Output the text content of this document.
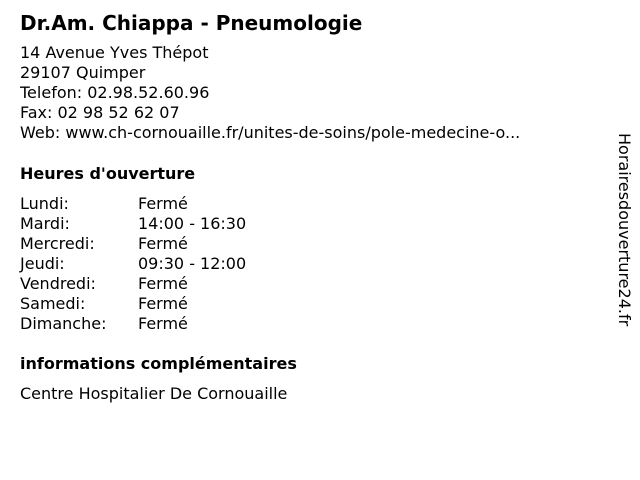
Dr.Am. Chiappa - Pneumologie
14 Avenue Yves Thépot
29107 Quimper
Telefon: 02.98.52.60.96
Fax: 02 98 52 62 07
Web: www.ch-cornouaille.fr/unites-de-soins/pole-medecine-o...
Heures d'ouverture
Lundi:	Fermé
Mardi:	14:00 - 16:30
Mercredi:	Fermé
Jeudi:	09:30 - 12:00
Vendredi:	Fermé
Samedi:	Fermé
Dimanche: Fermé
informations complémentaires
Centre Hospitalier De Cornouaille
Horairesdouverture24.fr
